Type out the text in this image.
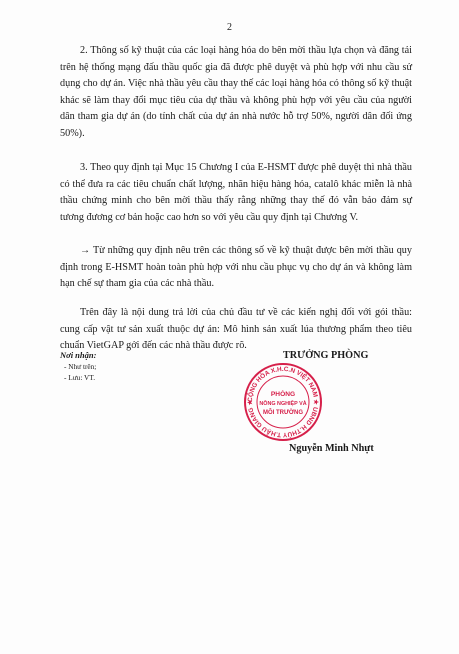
2

2. Thông số kỹ thuật của các loại hàng hóa do bên mời thầu lựa chọn và đăng tải trên hệ thống mạng đấu thầu quốc gia đã được phê duyệt và phù hợp với nhu cầu sử dụng cho dự án. Việc nhà thầu yêu cầu thay thế các loại hàng hóa có thông số kỹ thuật khác sẽ làm thay đổi mục tiêu của dự thầu và không phù hợp với yêu cầu của người dân tham gia dự án (do tính chất của dự án nhà nước hỗ trợ 50%, người dân đối ứng 50%).

3. Theo quy định tại Mục 15 Chương I của E-HSMT được phê duyệt thì nhà thầu có thể đưa ra các tiêu chuẩn chất lượng, nhãn hiệu hàng hóa, catalô khác miễn là nhà thầu chứng minh cho bên mời thầu thấy rằng những thay thế đó vẫn bảo đảm sự tương đương cơ bản hoặc cao hơn so với yêu cầu quy định tại Chương V.

→ Từ những quy định nêu trên các thông số về kỹ thuật được bên mời thầu quy định trong E-HSMT hoàn toàn phù hợp với nhu cầu phục vụ cho dự án và không làm hạn chế sự tham gia của các nhà thầu.

Trên đây là nội dung trả lời của chủ đầu tư về các kiến nghị đối với gói thầu: cung cấp vật tư sản xuất thuộc dự án: Mô hình sản xuất lúa thương phẩm theo tiêu chuẩn VietGAP gởi đến các nhà thầu được rõ.

Nơi nhận:
- Như trên;
- Lưu: VT.
TRƯỞNG PHÒNG
CỘNG HÒA X.H.C.N VIỆT NAM ★ UBND H.THỦY T.HẬU GIANG ★
PHÒNG
NÔNG NGHIỆP VÀ
MÔI TRƯỜNG
Nguyễn Minh Nhựt
